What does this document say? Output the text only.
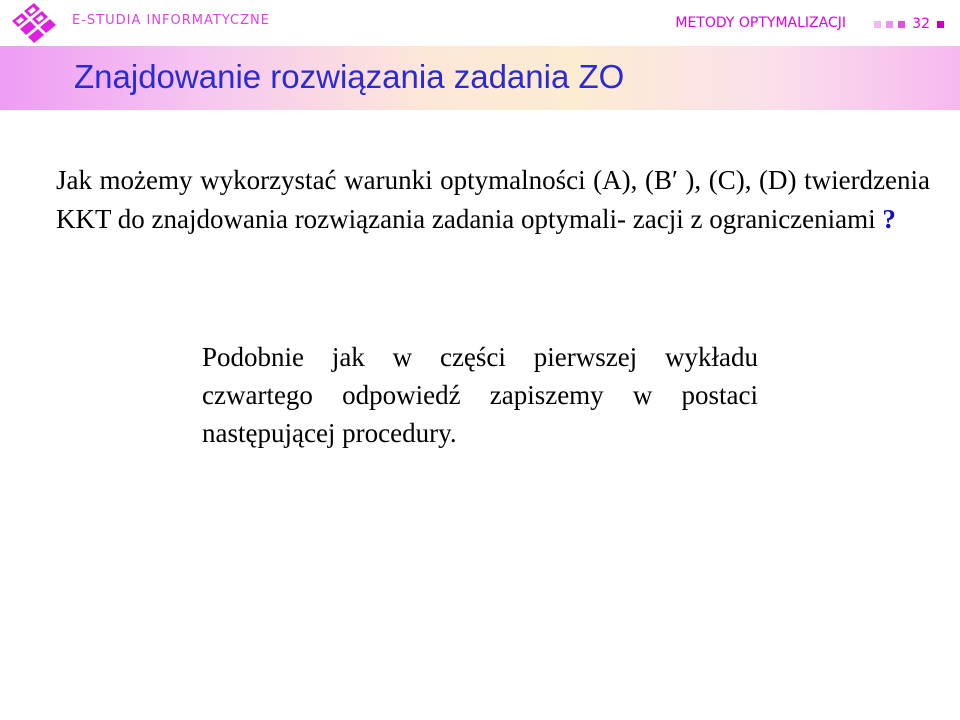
E-STUDIA INFORMATYCZNE	METODY OPTYMALIZACJI	32
Znajdowanie rozwiązania zadania ZO
Jak możemy wykorzystać warunki optymalności (A), (B′ ), (C), (D) twierdzenia KKT do znajdowania rozwiązania zadania optymali- zacji z ograniczeniami ?
Podobnie jak w części pierwszej wykładu czwartego odpowiedź zapiszemy w postaci następującej procedury.
